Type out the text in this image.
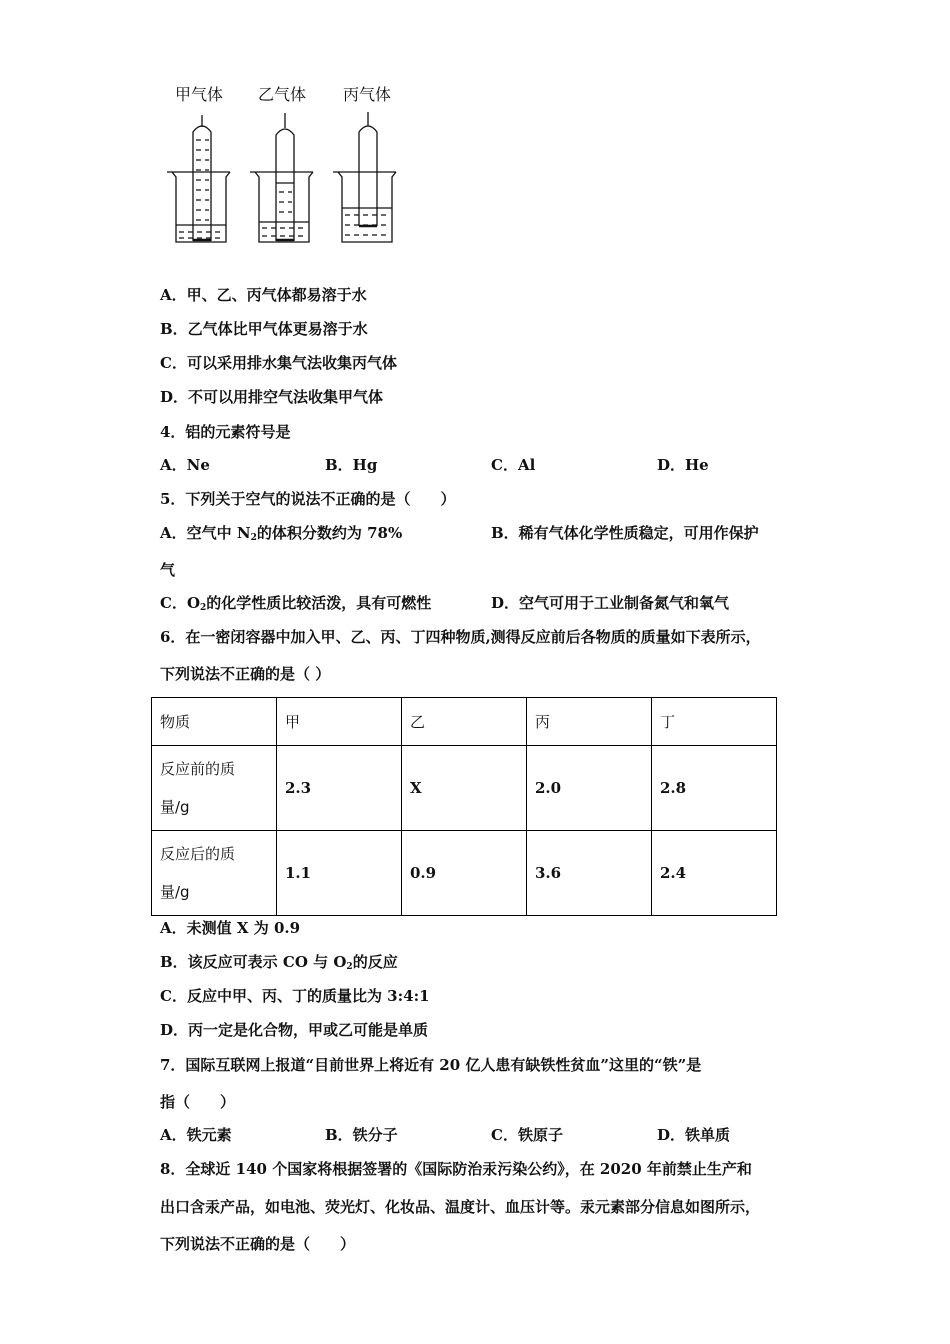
甲气体 乙气体 丙气体
A．甲、乙、丙气体都易溶于水
B．乙气体比甲气体更易溶于水
C．可以采用排水集气法收集丙气体
D．不可以用排空气法收集甲气体
4．铝的元素符号是
A．Ne	B．Hg	C．Al	D．He
5．下列关于空气的说法不正确的是（　　）
A．空气中 $N_2$的体积分数约为 78%	B．稀有气体化学性质稳定，可用作保护
气
C．$O_2$的化学性质比较活泼，具有可燃性	D．空气可用于工业制备氮气和氧气
6．在一密闭容器中加入甲、乙、丙、丁四种物质,测得反应前后各物质的质量如下表所示，
下列说法不正确的是（ ）
物质	甲	乙	丙	丁
反应前的质
量/g	2.3	X	2.0	2.8
反应后的质
量/g	1.1	0.9	3.6	2.4
A．未测值 X 为 0.9
B．该反应可表示 CO 与 $O_2$的反应
C．反应中甲、丙、丁的质量比为 3:4:1
D．丙一定是化合物，甲或乙可能是单质
7．国际互联网上报道“目前世界上将近有 20 亿人患有缺铁性贫血”这里的“铁”是
指（　　）
A．铁元素	B．铁分子	C．铁原子	D．铁单质
8．全球近 140 个国家将根据签署的《国际防治汞污染公约》，在 2020 年前禁止生产和
出口含汞产品，如电池、荧光灯、化妆品、温度计、血压计等。汞元素部分信息如图所示，
下列说法不正确的是（　　）
